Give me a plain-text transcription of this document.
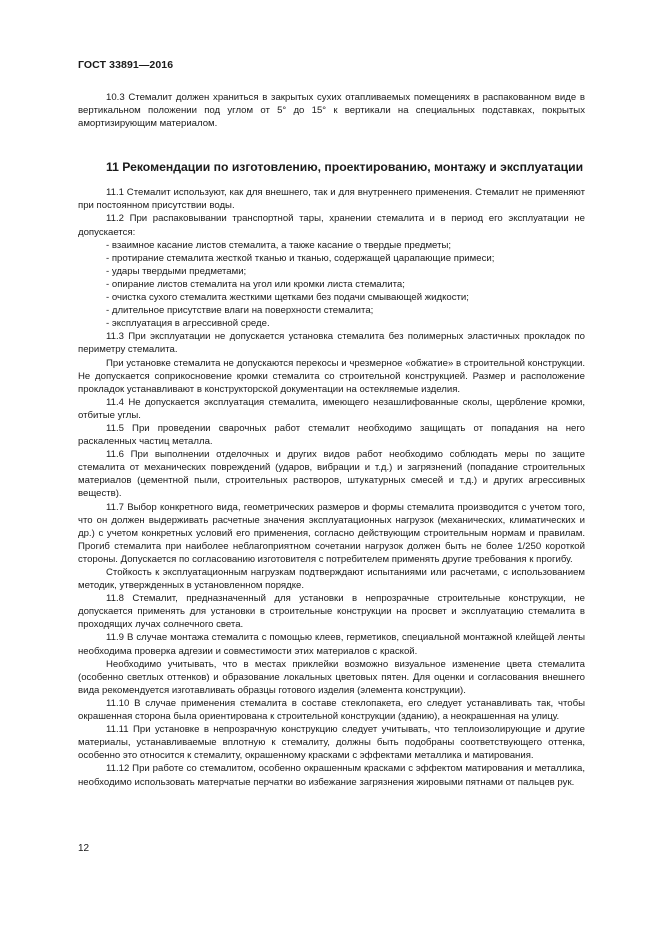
ГОСТ 33891—2016

10.3 Стемалит должен храниться в закрытых сухих отапливаемых помещениях в распакованном виде в вертикальном положении под углом от 5° до 15° к вертикали на специальных подставках, покрытых амортизирующим материалом.

11 Рекомендации по изготовлению, проектированию, монтажу и эксплуатации

11.1 Стемалит используют, как для внешнего, так и для внутреннего применения. Стемалит не применяют при постоянном присутствии воды.

11.2 При распаковывании транспортной тары, хранении стемалита и в период его эксплуатации не допускается:

- взаимное касание листов стемалита, а также касание о твердые предметы;

- протирание стемалита жесткой тканью и тканью, содержащей царапающие примеси;

- удары твердыми предметами;

- опирание листов стемалита на угол или кромки листа стемалита;

- очистка сухого стемалита жесткими щетками без подачи смывающей жидкости;

- длительное присутствие влаги на поверхности стемалита;

- эксплуатация в агрессивной среде.

11.3 При эксплуатации не допускается установка стемалита без полимерных эластичных прокладок по периметру стемалита.

При установке стемалита не допускаются перекосы и чрезмерное «обжатие» в строительной конструкции. Не допускается соприкосновение кромки стемалита со строительной конструкцией. Размер и расположение прокладок устанавливают в конструкторской документации на остекляемые изделия.

11.4 Не допускается эксплуатация стемалита, имеющего незашлифованные сколы, щербление кромки, отбитые углы.

11.5 При проведении сварочных работ стемалит необходимо защищать от попадания на него раскаленных частиц металла.

11.6 При выполнении отделочных и других видов работ необходимо соблюдать меры по защите стемалита от механических повреждений (ударов, вибрации и т.д.) и загрязнений (попадание строительных материалов (цементной пыли, строительных растворов, штукатурных смесей и т.д.) и других агрессивных веществ).

11.7 Выбор конкретного вида, геометрических размеров и формы стемалита производится с учетом того, что он должен выдерживать расчетные значения эксплуатационных нагрузок (механических, климатических и др.) с учетом конкретных условий его применения, согласно действующим строительным нормам и правилам. Прогиб стемалита при наиболее неблагоприятном сочетании нагрузок должен быть не более 1/250 короткой стороны. Допускается по согласованию изготовителя с потребителем применять другие требования к прогибу.

Стойкость к эксплуатационным нагрузкам подтверждают испытаниями или расчетами, с использованием методик, утвержденных в установленном порядке.

11.8 Стемалит, предназначенный для установки в непрозрачные строительные конструкции, не допускается применять для установки в строительные конструкции на просвет и эксплуатацию стемалита в проходящих лучах солнечного света.

11.9 В случае монтажа стемалита с помощью клеев, герметиков, специальной монтажной клейщей ленты необходима проверка адгезии и совместимости этих материалов с краской.

Необходимо учитывать, что в местах приклейки возможно визуальное изменение цвета стемалита (особенно светлых оттенков) и образование локальных цветовых пятен. Для оценки и согласования внешнего вида рекомендуется изготавливать образцы готового изделия (элемента конструкции).

11.10 В случае применения стемалита в составе стеклопакета, его следует устанавливать так, чтобы окрашенная сторона была ориентирована к строительной конструкции (зданию), а неокрашенная на улицу.

11.11 При установке в непрозрачную конструкцию следует учитывать, что теплоизолирующие и другие материалы, устанавливаемые вплотную к стемалиту, должны быть подобраны соответствующего оттенка, особенно это относится к стемалиту, окрашенному красками с эффектами металлика и матирования.

11.12 При работе со стемалитом, особенно окрашенным красками с эффектом матирования и металлика, необходимо использовать матерчатые перчатки во избежание загрязнения жировыми пятнами от пальцев рук.

12
